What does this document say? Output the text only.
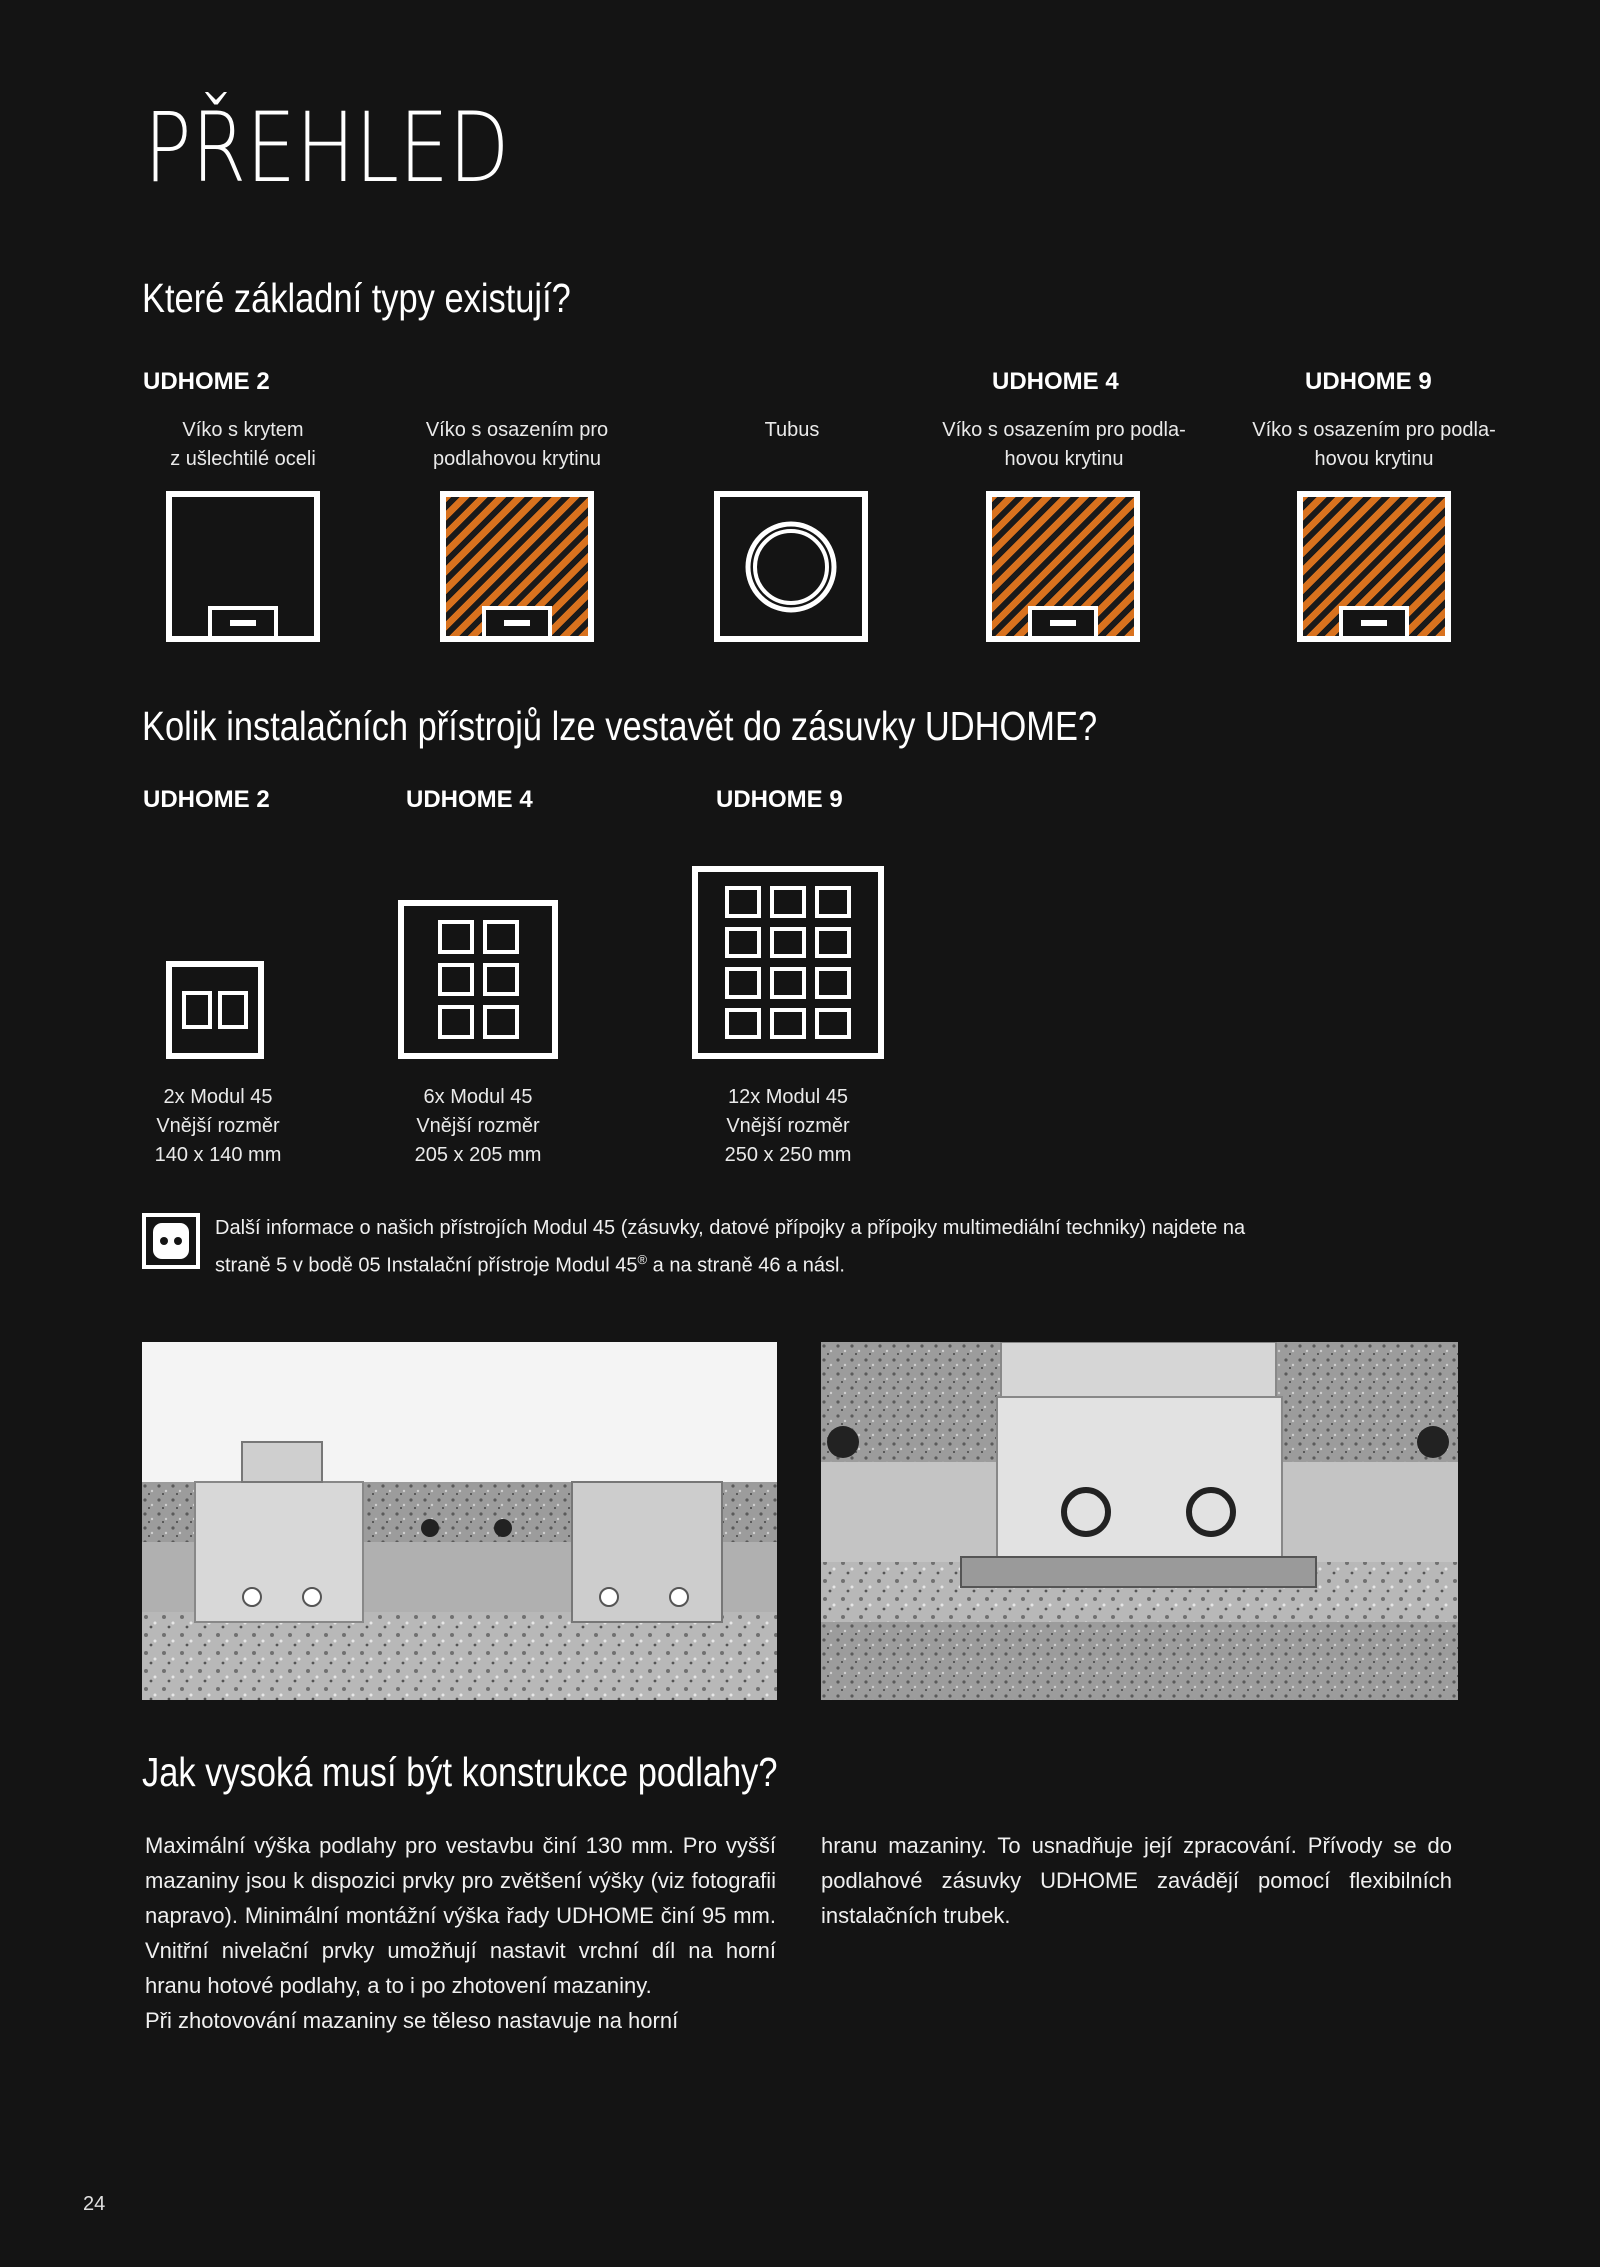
PŘEHLED
Které základní typy existují?
UDHOME 2	UDHOME 4	UDHOME 9
Víko s krytem
z ušlechtilé oceli
Víko s osazením pro
podlahovou krytinu
Tubus	Víko s osazením pro podla-
hovou krytinu
Víko s osazením pro podla-
hovou krytinu
Kolik instalačních přístrojů lze vestavět do zásuvky UDHOME?
UDHOME 2	UDHOME 4	UDHOME 9
2x Modul 45
Vnější rozměr
140 x 140 mm
6x Modul 45
Vnější rozměr
205 x 205 mm
12x Modul 45
Vnější rozměr
250 x 250 mm
Další informace o našich přístrojích Modul 45 (zásuvky, datové přípojky a přípojky multimediální techniky) najdete na
straně 5 v bodě 05 Instalační přístroje Modul 45® a na straně 46 a násl.
Jak vysoká musí být konstrukce podlahy?

Maximální výška podlahy pro vestavbu činí 130 mm. Pro vyšší mazaniny jsou k dispozici prvky pro zvětšení výšky (viz fotografii napravo). Minimální montážní výška řady UDHOME činí 95 mm. Vnitřní nivelační prvky umožňují nastavit vrchní díl na horní hranu hotové podlahy, a to i po zhotovení mazaniny.

Při zhotovování mazaniny se těleso nastavuje na horní

hranu mazaniny. To usnadňuje její zpracování. Přívody se do podlahové zásuvky UDHOME zavádějí pomocí flexibilních instalačních trubek.

24
